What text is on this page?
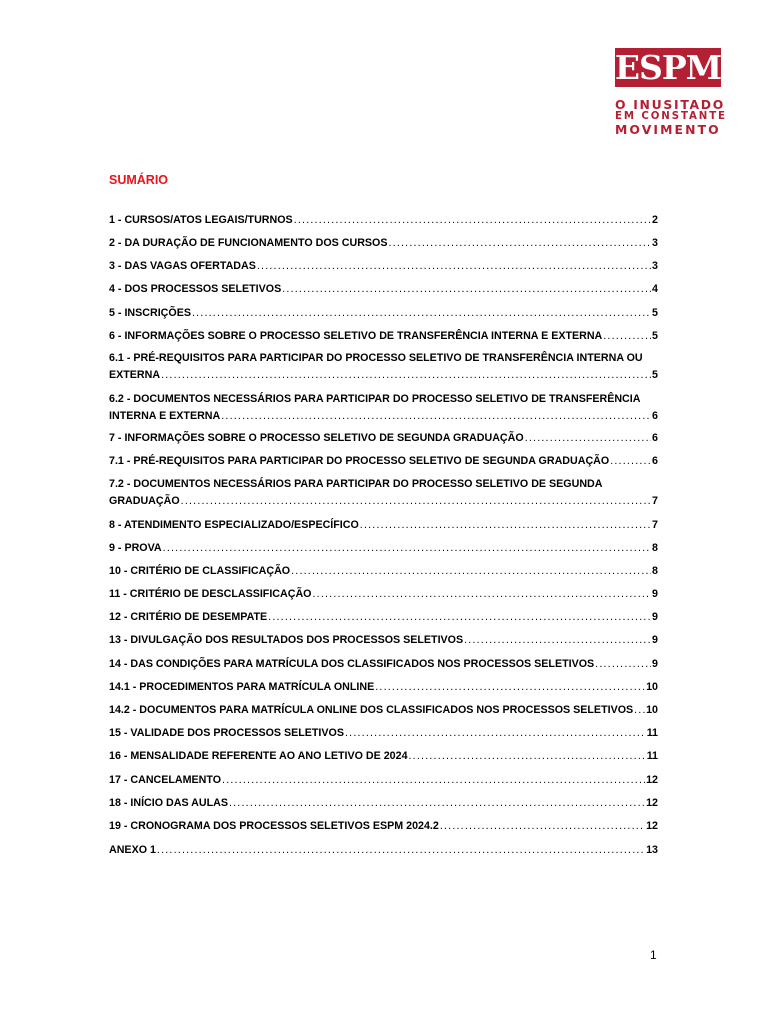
ESPM
O INUSITADO
EM CONSTANTE
MOVIMENTO
SUMÁRIO
1 - CURSOS/ATOS LEGAIS/TURNOS .....	2
2 - DA DURAÇÃO DE FUNCIONAMENTO DOS CURSOS .....	3
3 - DAS VAGAS OFERTADAS .....	3
4 - DOS PROCESSOS SELETIVOS .....	4
5 - INSCRIÇÕES .....	5
6 - INFORMAÇÕES SOBRE O PROCESSO SELETIVO DE TRANSFERÊNCIA INTERNA E EXTERNA .....	5
6.1 - PRÉ-REQUISITOS PARA PARTICIPAR DO PROCESSO SELETIVO DE TRANSFERÊNCIA INTERNA OU
EXTERNA .....	5
6.2 - DOCUMENTOS NECESSÁRIOS PARA PARTICIPAR DO PROCESSO SELETIVO DE TRANSFERÊNCIA
INTERNA E EXTERNA .....	6
7 - INFORMAÇÕES SOBRE O PROCESSO SELETIVO DE SEGUNDA GRADUAÇÃO .....	6
7.1 - PRÉ-REQUISITOS PARA PARTICIPAR DO PROCESSO SELETIVO DE SEGUNDA GRADUAÇÃO .....	6
7.2 - DOCUMENTOS NECESSÁRIOS PARA PARTICIPAR DO PROCESSO SELETIVO DE SEGUNDA
GRADUAÇÃO .....	7
8 - ATENDIMENTO ESPECIALIZADO/ESPECÍFICO .....	7
9 - PROVA .....	8
10 - CRITÉRIO DE CLASSIFICAÇÃO .....	8
11 - CRITÉRIO DE DESCLASSIFICAÇÃO .....	9
12 - CRITÉRIO DE DESEMPATE .....	9
13 - DIVULGAÇÃO DOS RESULTADOS DOS PROCESSOS SELETIVOS .....	9
14 - DAS CONDIÇÕES PARA MATRÍCULA DOS CLASSIFICADOS NOS PROCESSOS SELETIVOS .....	9
14.1 - PROCEDIMENTOS PARA MATRÍCULA ONLINE .....	10
14.2 - DOCUMENTOS PARA MATRÍCULA ONLINE DOS CLASSIFICADOS NOS PROCESSOS SELETIVOS ..... 10
15 - VALIDADE DOS PROCESSOS SELETIVOS .....	11
16 - MENSALIDADE REFERENTE AO ANO LETIVO DE 2024 .....	11
17 - CANCELAMENTO .....	12
18 - INÍCIO DAS AULAS .....	12
19 - CRONOGRAMA DOS PROCESSOS SELETIVOS ESPM 2024.2 .....	12
ANEXO 1 .....	13
1
